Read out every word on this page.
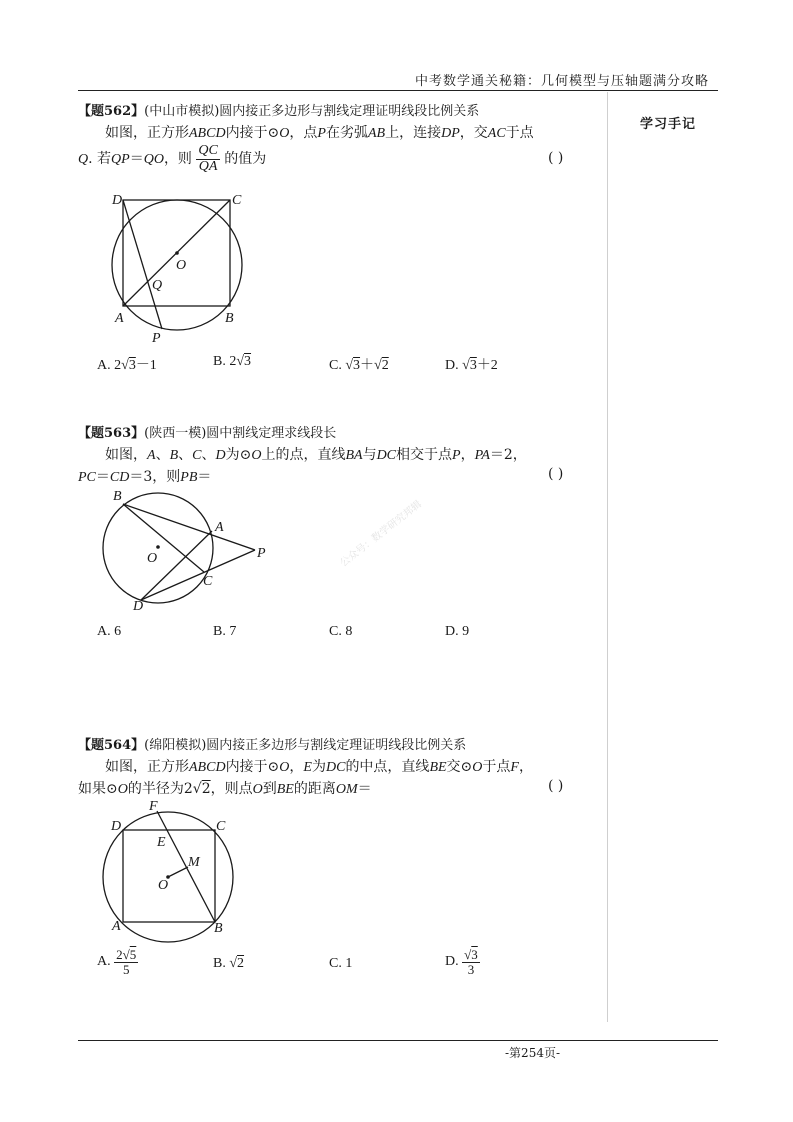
中考数学通关秘籍：几何模型与压轴题满分攻略
学习手记
公众号：数学研究邦辑
【题562】(中山市模拟)圆内接正多边形与割线定理证明线段比例关系
如图，正方形ABCD内接于⊙O，点P在劣弧AB上，连接DP，交AC于点
Q. 若QP＝QO，则 $\frac{QC}{QA}$ 的值为	( )
D	C
O
Q
A	B
P
A. 2√3－1	B. 2√3	C. √3＋√2	D. √3＋2
【题563】(陕西一模)圆中割线定理求线段长
如图，A、B、C、D为⊙O上的点，直线BA与DC相交于点P，PA＝2，
PC＝CD＝3，则PB＝	( )
B
A
O	P
C
D
A. 6	B. 7	C. 8	D. 9
【题564】(绵阳模拟)圆内接正多边形与割线定理证明线段比例关系
如图，正方形ABCD内接于⊙O，E为DC的中点，直线BE交⊙O于点F，
如果⊙O的半径为2√2，则点O到BE的距离OM＝	( )
F
D	C
E
M
O
A	B
A. $\frac{2√5}{5}$	B. √2	C. 1	D. $\frac{√3}{3}$
-第254页-
